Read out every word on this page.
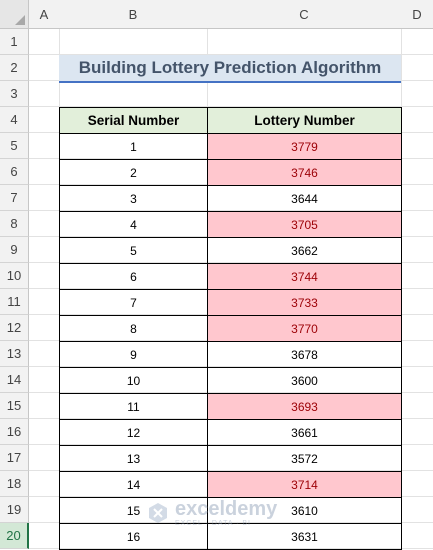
A	B	C	D
1
2
3
4
5
6
7
8
9
10
11
12
13
14
15
16
17
18
19
20
Building Lottery Prediction Algorithm
Serial Number	Lottery Number
1	3779
2	3746
3	3644
4	3705
5	3662
6	3744
7	3733
8	3770
9	3678
10	3600
11	3693
12	3661
13	3572
14	3714
15	3610
16	3631
exceldemy
EXCEL · DATA · BI
